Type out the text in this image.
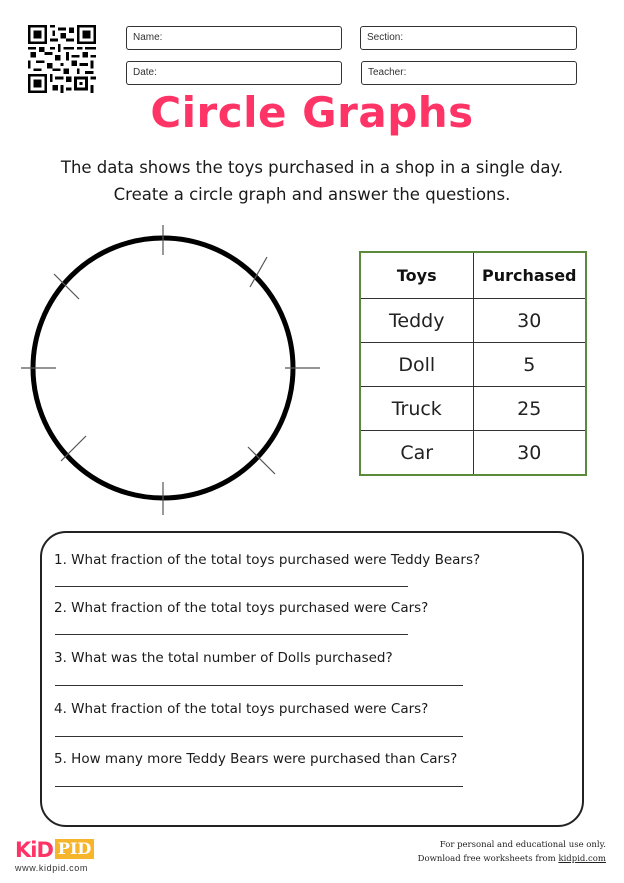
Name:	Section:
Date:	Teacher:
Circle Graphs
The data shows the toys purchased in a shop in a single day.
Create a circle graph and answer the questions.
Toys	Purchased
Teddy	30
Doll	5
Truck	25
Car	30
1. What fraction of the total toys purchased were Teddy Bears?
2. What fraction of the total toys purchased were Cars?
3. What was the total number of Dolls purchased?
4. What fraction of the total toys purchased were Cars?
5. How many more Teddy Bears were purchased than Cars?
KiD PID
www.kidpid.com
For personal and educational use only.
Download free worksheets from kidpid.com
